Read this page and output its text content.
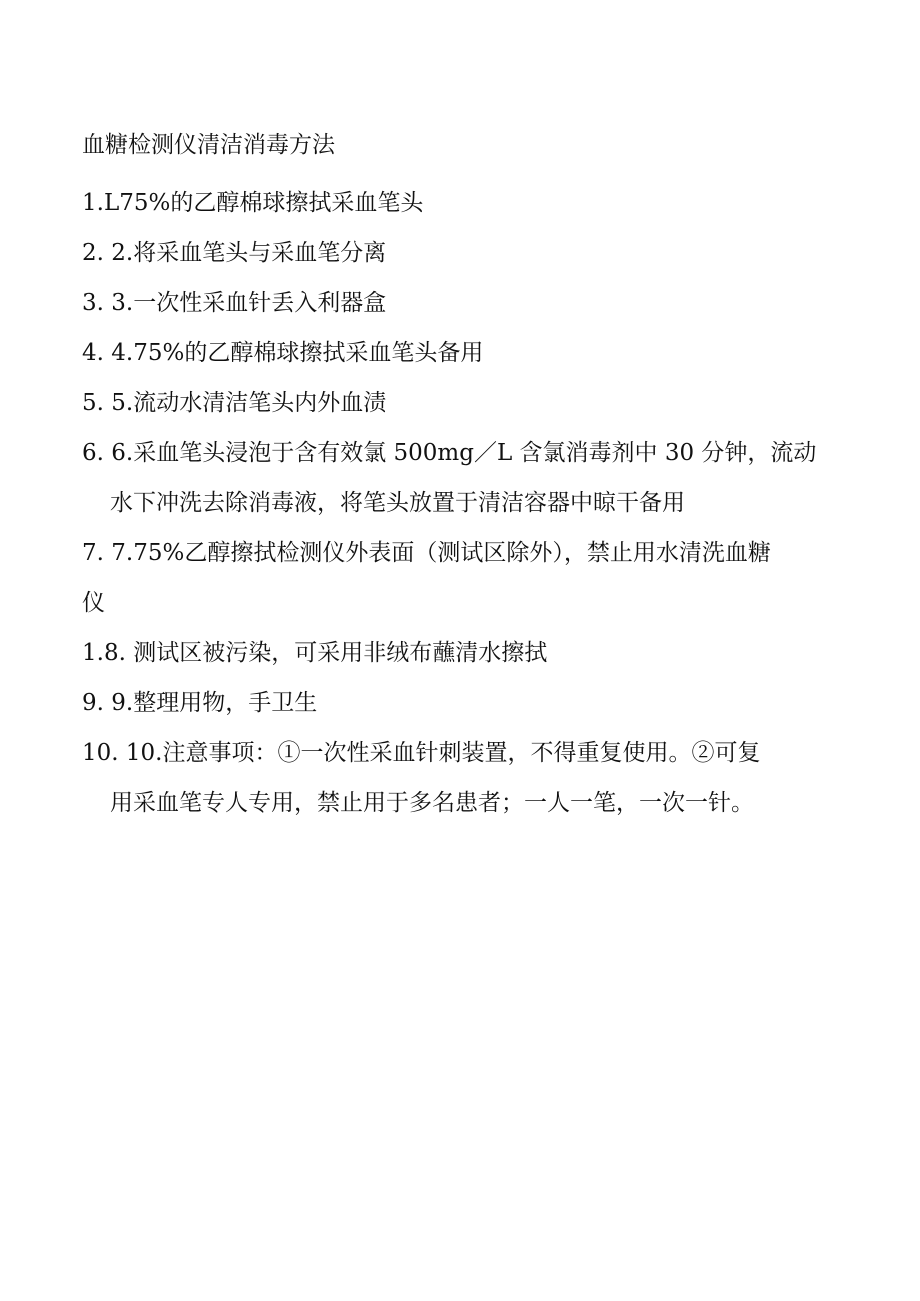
血糖检测仪清洁消毒方法
1.L75%的乙醇棉球擦拭采血笔头
2. 2.将采血笔头与采血笔分离
3. 3.一次性采血针丢入利器盒
4. 4.75%的乙醇棉球擦拭采血笔头备用
5. 5.流动水清洁笔头内外血渍
6. 6.采血笔头浸泡于含有效氯 500mg／L 含氯消毒剂中 30 分钟，流动
水下冲洗去除消毒液，将笔头放置于清洁容器中晾干备用
7. 7.75%乙醇擦拭检测仪外表面（测试区除外），禁止用水清洗血糖
仪
1.8. 测试区被污染，可采用非绒布蘸清水擦拭
9. 9.整理用物，手卫生
10. 10.注意事项：①一次性采血针刺装置，不得重复使用。②可复
用采血笔专人专用，禁止用于多名患者；一人一笔，一次一针。
